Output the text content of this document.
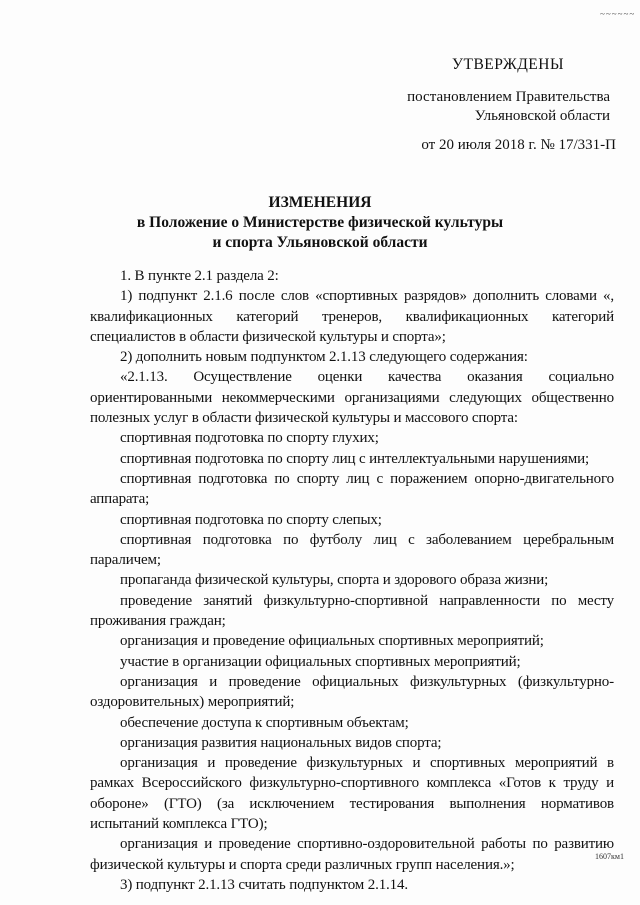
~~~~~~
УТВЕРЖДЕНЫ
постановлением Правительства
Ульяновской области
от 20 июля 2018 г. № 17/331-П
ИЗМЕНЕНИЯ
в Положение о Министерстве физической культуры
и спорта Ульяновской области

1. В пункте 2.1 раздела 2:

1) подпункт 2.1.6 после слов «спортивных разрядов» дополнить словами «, квалификационных категорий тренеров, квалификационных категорий специалистов в области физической культуры и спорта»;

2) дополнить новым подпунктом 2.1.13 следующего содержания:

«2.1.13. Осуществление оценки качества оказания социально ориентированными некоммерческими организациями следующих общественно полезных услуг в области физической культуры и массового спорта:

спортивная подготовка по спорту глухих;

спортивная подготовка по спорту лиц с интеллектуальными нарушениями;

спортивная подготовка по спорту лиц с поражением опорно-двигательного аппарата;

спортивная подготовка по спорту слепых;

спортивная подготовка по футболу лиц с заболеванием церебральным параличем;

пропаганда физической культуры, спорта и здорового образа жизни;

проведение занятий физкультурно-спортивной направленности по месту проживания граждан;

организация и проведение официальных спортивных мероприятий;

участие в организации официальных спортивных мероприятий;

организация и проведение официальных физкультурных (физкультурно-оздоровительных) мероприятий;

обеспечение доступа к спортивным объектам;

организация развития национальных видов спорта;

организация и проведение физкультурных и спортивных мероприятий в рамках Всероссийского физкультурно-спортивного комплекса «Готов к труду и обороне» (ГТО) (за исключением тестирования выполнения нормативов испытаний комплекса ГТО);

организация и проведение спортивно-оздоровительной работы по развитию физической культуры и спорта среди различных групп населения.»;

3) подпункт 2.1.13 считать подпунктом 2.1.14.

1607км1
